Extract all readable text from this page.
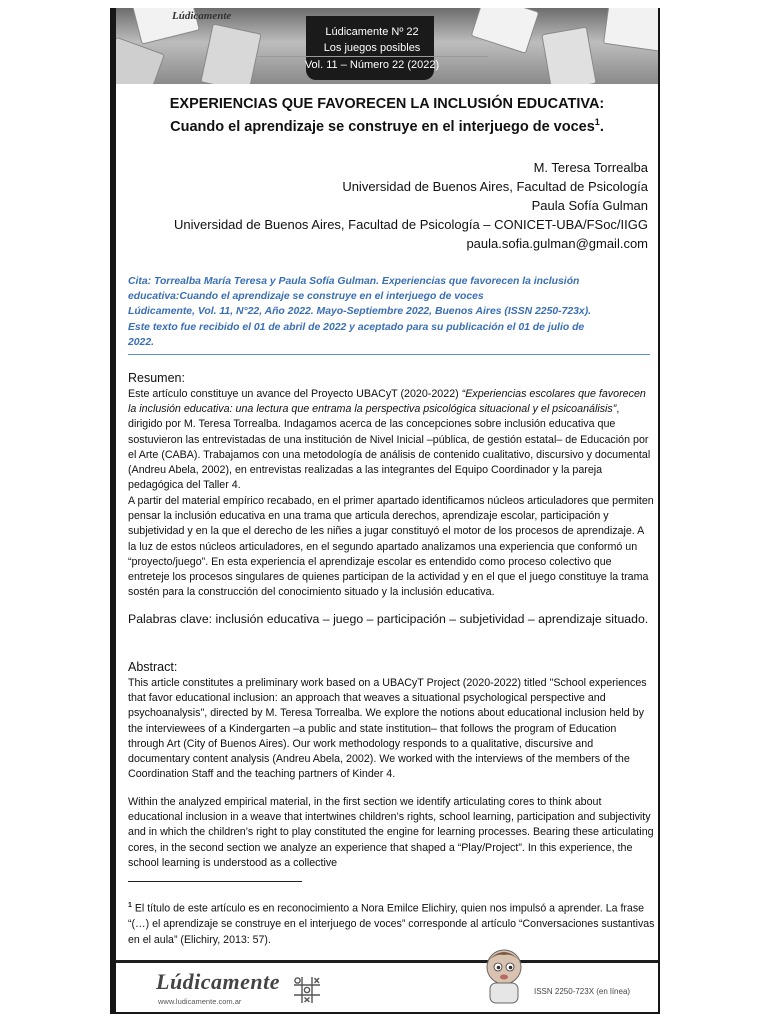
Lúdicamente
Lúdicamente Nº 22
Los juegos posibles
Vol. 11 – Número 22 (2022)
EXPERIENCIAS QUE FAVORECEN LA INCLUSIÓN EDUCATIVA:
Cuando el aprendizaje se construye en el interjuego de voces$^1$.
M. Teresa Torrealba
Universidad de Buenos Aires, Facultad de Psicología
Paula Sofía Gulman
Universidad de Buenos Aires, Facultad de Psicología – CONICET-UBA/FSoc/IIGG
paula.sofia.gulman@gmail.com
Cita: Torrealba María Teresa y Paula Sofía Gulman. Experiencias que favorecen la inclusión
educativa:Cuando el aprendizaje se construye en el interjuego de voces
Lúdicamente, Vol. 11, N°22, Año 2022. Mayo-Septiembre 2022, Buenos Aires (ISSN 2250-723x).
Este texto fue recibido el 01 de abril de 2022 y aceptado para su publicación el 01 de julio de
2022.
Resumen:

Este artículo constituye un avance del Proyecto UBACyT (2020-2022) “Experiencias escolares que favorecen la inclusión educativa: una lectura que entrama la perspectiva psicológica situacional y el psicoanálisis”, dirigido por M. Teresa Torrealba. Indagamos acerca de las concepciones sobre inclusión educativa que sostuvieron las entrevistadas de una institución de Nivel Inicial –pública, de gestión estatal– de Educación por el Arte (CABA). Trabajamos con una metodología de análisis de contenido cualitativo, discursivo y documental (Andreu Abela, 2002), en entrevistas realizadas a las integrantes del Equipo Coordinador y la pareja pedagógica del Taller 4.

A partir del material empírico recabado, en el primer apartado identificamos núcleos articuladores que permiten pensar la inclusión educativa en una trama que articula derechos, aprendizaje escolar, participación y subjetividad y en la que el derecho de les niñes a jugar constituyó el motor de los procesos de aprendizaje. A la luz de estos núcleos articuladores, en el segundo apartado analizamos una experiencia que conformó un “proyecto/juego”. En esta experiencia el aprendizaje escolar es entendido como proceso colectivo que entreteje los procesos singulares de quienes participan de la actividad y en el que el juego constituye la trama sostén para la construcción del conocimiento situado y la inclusión educativa.

Palabras clave: inclusión educativa – juego – participación – subjetividad – aprendizaje situado.
Abstract:

This article constitutes a preliminary work based on a UBACyT Project (2020-2022) titled "School experiences that favor educational inclusion: an approach that weaves a situational psychological perspective and psychoanalysis", directed by M. Teresa Torrealba. We explore the notions about educational inclusion held by the interviewees of a Kindergarten –a public and state institution– that follows the program of Education through Art (City of Buenos Aires). Our work methodology responds to a qualitative, discursive and documentary content analysis (Andreu Abela, 2002). We worked with the interviews of the members of the Coordination Staff and the teaching partners of Kinder 4.

Within the analyzed empirical material, in the first section we identify articulating cores to think about educational inclusion in a weave that intertwines children’s rights, school learning, participation and subjectivity and in which the children’s right to play constituted the engine for learning processes. Bearing these articulating cores, in the second section we analyze an experience that shaped a “Play/Project”. In this experience, the school learning is understood as a collective

$^1$ El título de este artículo es en reconocimiento a Nora Emilce Elichiry, quien nos impulsó a aprender. La frase “(…) el aprendizaje se construye en el interjuego de voces” corresponde al artículo “Conversaciones sustantivas en el aula” (Elichiry, 2013: 57).
Lúdicamente
www.ludicamente.com.ar
ISSN 2250-723X (en línea)
